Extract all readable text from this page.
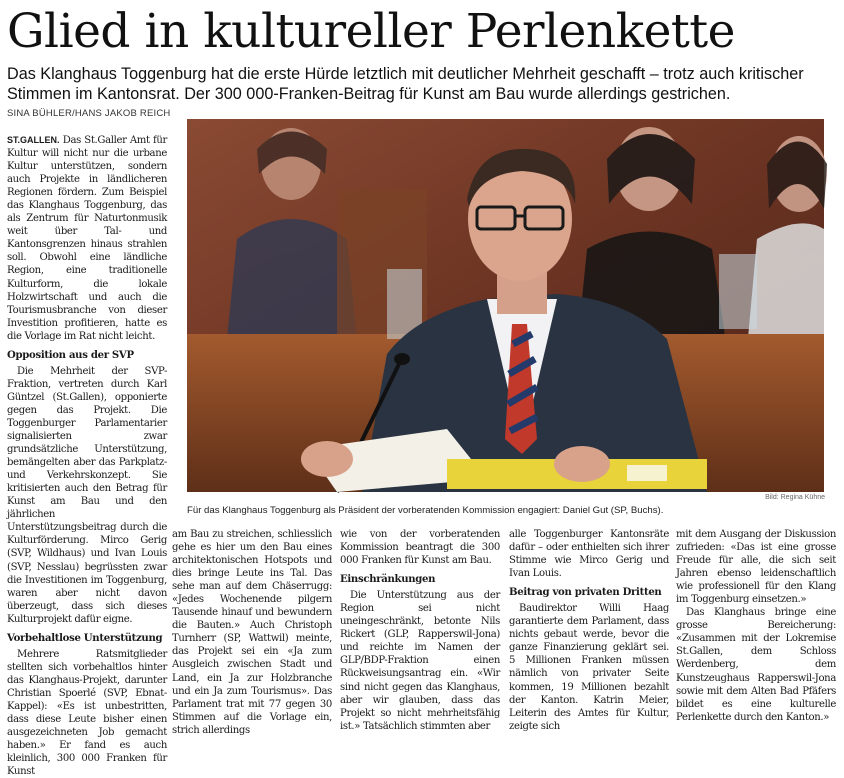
Glied in kultureller Perlenkette
Das Klanghaus Toggenburg hat die erste Hürde letztlich mit deutlicher Mehrheit geschafft – trotz auch kritischer Stimmen im Kantonsrat. Der 300 000-Franken-Beitrag für Kunst am Bau wurde allerdings gestrichen.
SINA BÜHLER/HANS JAKOB REICH

ST.GALLEN. Das St.Galler Amt für Kultur will nicht nur die urbane Kultur unterstützen, sondern auch Projekte in ländlicheren Regionen fördern. Zum Beispiel das Klanghaus Toggenburg, das als Zentrum für Naturtonmusik weit über Tal- und Kantonsgrenzen hinaus strahlen soll. Obwohl eine ländliche Region, eine traditionelle Kulturform, die lokale Holzwirtschaft und auch die Tourismusbranche von dieser Investition profitieren, hatte es die Vorlage im Rat nicht leicht.

Opposition aus der SVP

Die Mehrheit der SVP-Fraktion, vertreten durch Karl Güntzel (St.Gallen), opponierte gegen das Projekt. Die Toggenburger Parlamentarier signalisierten zwar grundsätzliche Unterstützung, bemängelten aber das Parkplatz- und Verkehrskonzept. Sie kritisierten auch den Betrag für Kunst am Bau und den jährlichen Unterstützungsbeitrag durch die Kulturförderung. Mirco Gerig (SVP, Wildhaus) und Ivan Louis (SVP, Nesslau) begrüssten zwar die Investitionen im Toggenburg, waren aber nicht davon überzeugt, dass sich dieses Kulturprojekt dafür eigne.

Vorbehaltlose Unterstützung

Mehrere Ratsmitglieder stellten sich vorbehaltlos hinter das Klanghaus-Projekt, darunter Christian Spoerlé (SVP, Ebnat-Kappel): «Es ist unbestritten, dass diese Leute bisher einen ausgezeichneten Job gemacht haben.» Er fand es auch kleinlich, 300 000 Franken für Kunst

Bild: Regina Kühne
Für das Klanghaus Toggenburg als Präsident der vorberatenden Kommission engagiert: Daniel Gut (SP, Buchs).

am Bau zu streichen, schliesslich gehe es hier um den Bau eines architektonischen Hotspots und dies bringe Leute ins Tal. Das sehe man auf dem Chäserrugg: «Jedes Wochenende pilgern Tausende hinauf und bewundern die Bauten.» Auch Christoph Turnherr (SP, Wattwil) meinte, das Projekt sei ein «Ja zum Ausgleich zwischen Stadt und Land, ein Ja zur Holzbranche und ein Ja zum Tourismus». Das Parlament trat mit 77 gegen 30 Stimmen auf die Vorlage ein, strich allerdings

wie von der vorberatenden Kommission beantragt die 300 000 Franken für Kunst am Bau.

Einschränkungen

Die Unterstützung aus der Region sei nicht uneingeschränkt, betonte Nils Rickert (GLP, Rapperswil-Jona) und reichte im Namen der GLP/BDP-Fraktion einen Rückweisungsantrag ein. «Wir sind nicht gegen das Klanghaus, aber wir glauben, dass das Projekt so nicht mehrheitsfähig ist.» Tatsächlich stimmten aber

alle Toggenburger Kantonsräte dafür – oder enthielten sich ihrer Stimme wie Mirco Gerig und Ivan Louis.

Beitrag von privaten Dritten

Baudirektor Willi Haag garantierte dem Parlament, dass nichts gebaut werde, bevor die ganze Finanzierung geklärt sei. 5 Millionen Franken müssen nämlich von privater Seite kommen, 19 Millionen bezahlt der Kanton. Katrin Meier, Leiterin des Amtes für Kultur, zeigte sich

mit dem Ausgang der Diskussion zufrieden: «Das ist eine grosse Freude für alle, die sich seit Jahren ebenso leidenschaftlich wie professionell für den Klang im Toggenburg einsetzen.»

Das Klanghaus bringe eine grosse Bereicherung: «Zusammen mit der Lokremise St.Gallen, dem Schloss Werdenberg, dem Kunstzeughaus Rapperswil-Jona sowie mit dem Alten Bad Pfäfers bildet es eine kulturelle Perlenkette durch den Kanton.»
